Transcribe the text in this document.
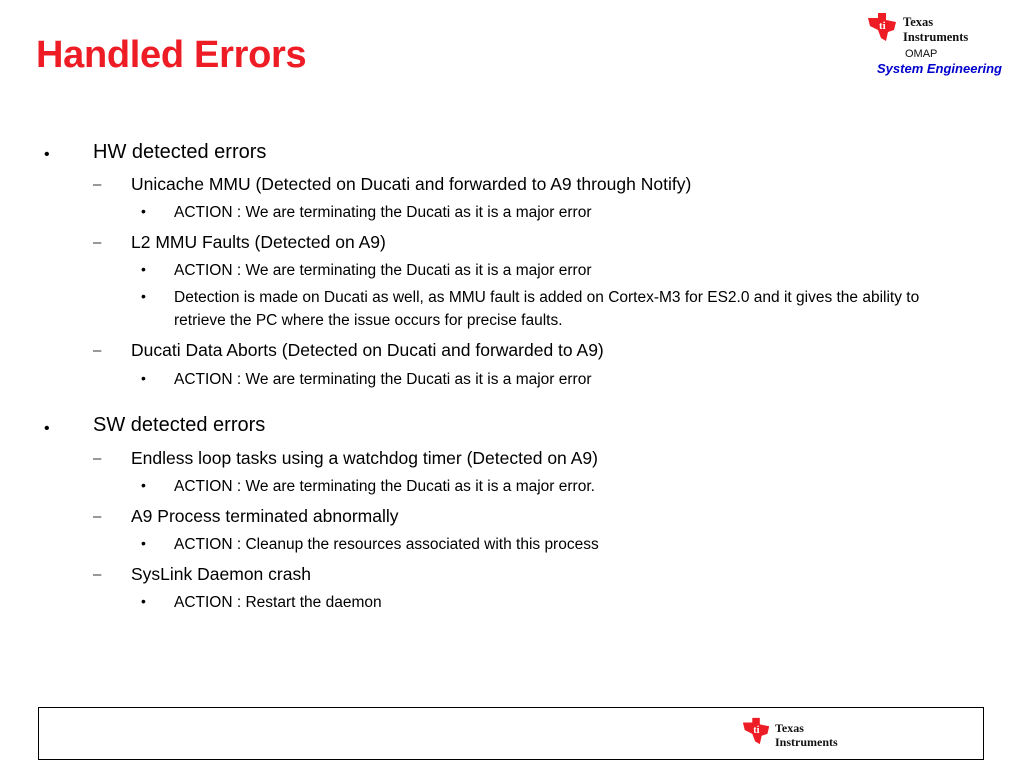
Handled Errors
ti Texas
Instruments
OMAP
System Engineering
• HW detected errors
– Unicache MMU (Detected on Ducati and forwarded to A9 through Notify)
• ACTION : We are terminating the Ducati as it is a major error
– L2 MMU Faults (Detected on A9)
• ACTION : We are terminating the Ducati as it is a major error
• Detection is made on Ducati as well, as MMU fault is added on Cortex-M3 for ES2.0 and it gives the ability to retrieve the PC where the issue occurs for precise faults.
– Ducati Data Aborts (Detected on Ducati and forwarded to A9)
• ACTION : We are terminating the Ducati as it is a major error
• SW detected errors
– Endless loop tasks using a watchdog timer (Detected on A9)
• ACTION : We are terminating the Ducati as it is a major error.
– A9 Process terminated abnormally
• ACTION : Cleanup the resources associated with this process
– SysLink Daemon crash
• ACTION : Restart the daemon
ti Texas
Instruments
